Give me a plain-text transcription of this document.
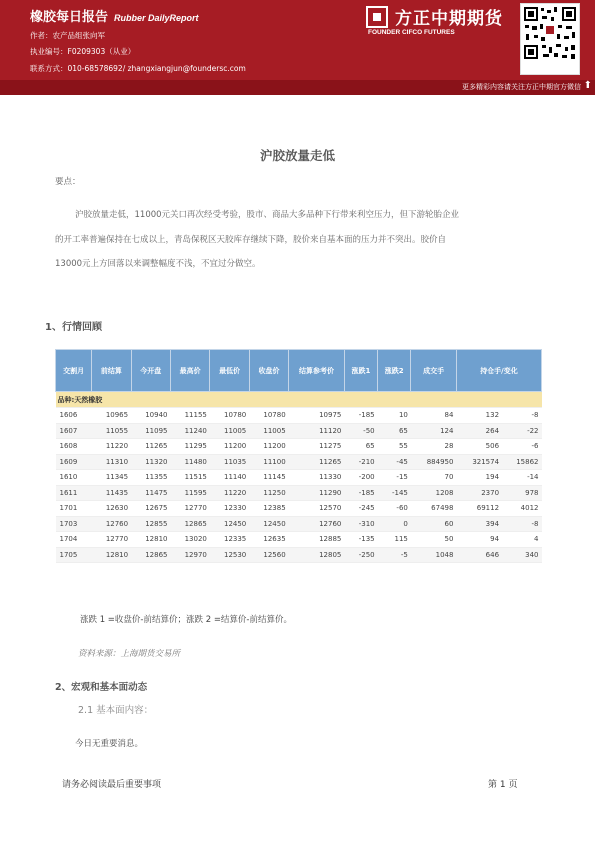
橡胶每日报告 Rubber DailyReport
作者：农产品组张向军
执业编号：F0209303（从业）
联系方式：010-68578692/ zhangxiangjun@foundersc.com
方正中期期货
FOUNDER CIFCO FUTURES
更多精彩内容请关注方正中期官方微信 ⬆
沪胶放量走低
要点：

沪胶放量走低，11000元关口再次经受考验，股市、商品大多品种下行带来利空压力，但下游轮胎企业

的开工率普遍保持在七成以上，青岛保税区天胶库存继续下降，胶价来自基本面的压力并不突出。胶价自

13000元上方回落以来调整幅度不浅，不宜过分做空。

1、行情回顾
交割月	前结算	今开盘	最高价	最低价	收盘价	结算参考价	涨跌1	涨跌2	成交手	持仓手/变化	
品种:天然橡胶											
1606	10965	10940	11155	10780	10780	10975	-185	10	84	132	-8
1607	11055	11095	11240	11005	11005	11120	-50	65	124	264	-22
1608	11220	11265	11295	11200	11200	11275	65	55	28	506	-6
1609	11310	11320	11480	11035	11100	11265	-210	-45	884950	321574	15862
1610	11345	11355	11515	11140	11145	11330	-200	-15	70	194	-14
1611	11435	11475	11595	11220	11250	11290	-185	-145	1208	2370	978
1701	12630	12675	12770	12330	12385	12570	-245	-60	67498	69112	4012
1703	12760	12855	12865	12450	12450	12760	-310	0	60	394	-8
1704	12770	12810	13020	12335	12635	12885	-135	115	50	94	4
1705	12810	12865	12970	12530	12560	12805	-250	-5	1048	646	340
涨跌 1 =收盘价-前结算价；涨跌 2 =结算价-前结算价。
资料来源：上海期货交易所
2、宏观和基本面动态
2.1 基本面内容：
今日无重要消息。
请务必阅读最后重要事项	第 1 页
